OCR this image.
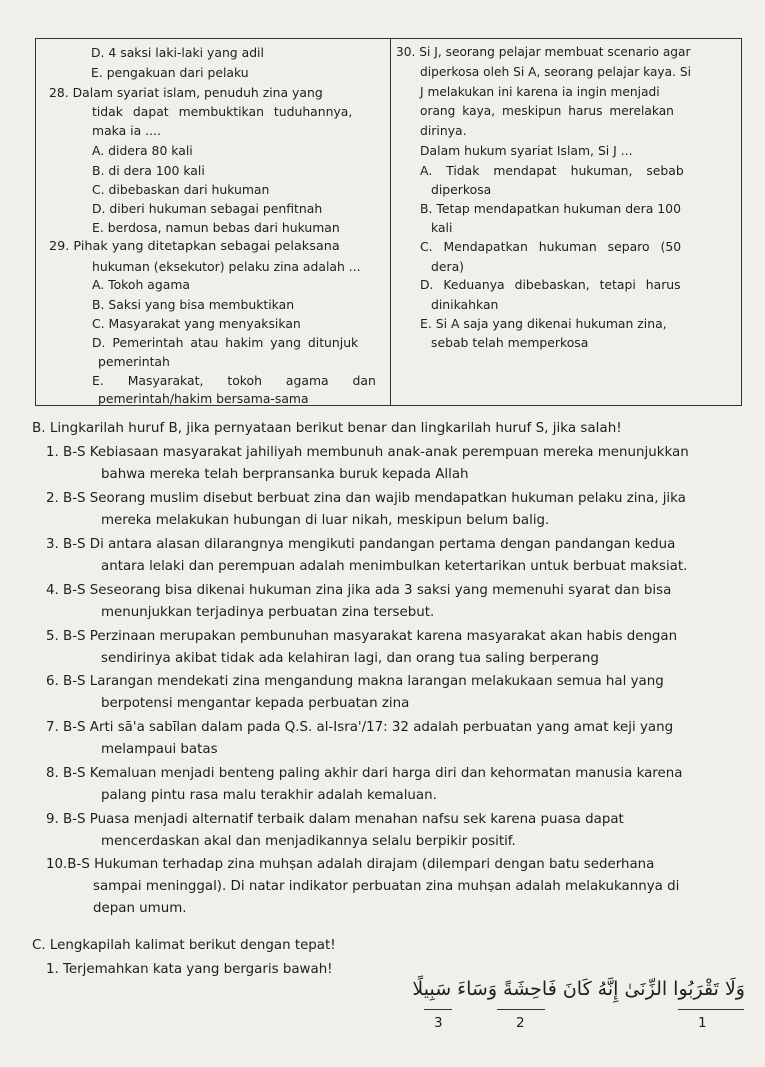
D. 4 saksi laki-laki yang adil
E. pengakuan dari pelaku
28. Dalam syariat islam, penuduh zina yang
tidak dapat membuktikan tuduhannya,
maka ia ....
A. didera 80 kali
B. di dera 100 kali
C. dibebaskan dari hukuman
D. diberi hukuman sebagai penfitnah
E. berdosa, namun bebas dari hukuman
29. Pihak yang ditetapkan sebagai pelaksana
hukuman (eksekutor) pelaku zina adalah ...
A. Tokoh agama
B. Saksi yang bisa membuktikan
C. Masyarakat yang menyaksikan
D. Pemerintah atau hakim yang ditunjuk
pemerintah
E. Masyarakat, tokoh agama dan
pemerintah/hakim bersama-sama
30. Si J, seorang pelajar membuat scenario agar
diperkosa oleh Si A, seorang pelajar kaya. Si
J melakukan ini karena ia ingin menjadi
orang kaya, meskipun harus merelakan
dirinya.
Dalam hukum syariat Islam, Si J ...
A. Tidak mendapat hukuman, sebab
diperkosa
B. Tetap mendapatkan hukuman dera 100
kali
C. Mendapatkan hukuman separo (50
dera)
D. Keduanya dibebaskan, tetapi harus
dinikahkan
E. Si A saja yang dikenai hukuman zina,
sebab telah memperkosa
B. Lingkarilah huruf B, jika pernyataan berikut benar dan lingkarilah huruf S, jika salah!
1. B-S Kebiasaan masyarakat jahiliyah membunuh anak-anak perempuan mereka menunjukkan
bahwa mereka telah berpransanka buruk kepada Allah
2. B-S Seorang muslim disebut berbuat zina dan wajib mendapatkan hukuman pelaku zina, jika
mereka melakukan hubungan di luar nikah, meskipun belum balig.
3. B-S Di antara alasan dilarangnya mengikuti pandangan pertama dengan pandangan kedua
antara lelaki dan perempuan adalah menimbulkan ketertarikan untuk berbuat maksiat.
4. B-S Seseorang bisa dikenai hukuman zina jika ada 3 saksi yang memenuhi syarat dan bisa
menunjukkan terjadinya perbuatan zina tersebut.
5. B-S Perzinaan merupakan pembunuhan masyarakat karena masyarakat akan habis dengan
sendirinya akibat tidak ada kelahiran lagi, dan orang tua saling berperang
6. B-S Larangan mendekati zina mengandung makna larangan melakukaan semua hal yang
berpotensi mengantar kepada perbuatan zina
7. B-S Arti sā'a sabīlan dalam pada Q.S. al-Isra'/17: 32 adalah perbuatan yang amat keji yang
melampaui batas
8. B-S Kemaluan menjadi benteng paling akhir dari harga diri dan kehormatan manusia karena
palang pintu rasa malu terakhir adalah kemaluan.
9. B-S Puasa menjadi alternatif terbaik dalam menahan nafsu sek karena puasa dapat
mencerdaskan akal dan menjadikannya selalu berpikir positif.
10.B-S Hukuman terhadap zina muhṣan adalah dirajam (dilempari dengan batu sederhana
sampai meninggal). Di natar indikator perbuatan zina muhṣan adalah melakukannya di
depan umum.
C. Lengkapilah kalimat berikut dengan tepat!
1. Terjemahkan kata yang bergaris bawah!
وَلَا تَقْرَبُوا الزِّنَىٰ إِنَّهُ كَانَ فَاحِشَةً وَسَاءَ سَبِيلًا
3	2	1
